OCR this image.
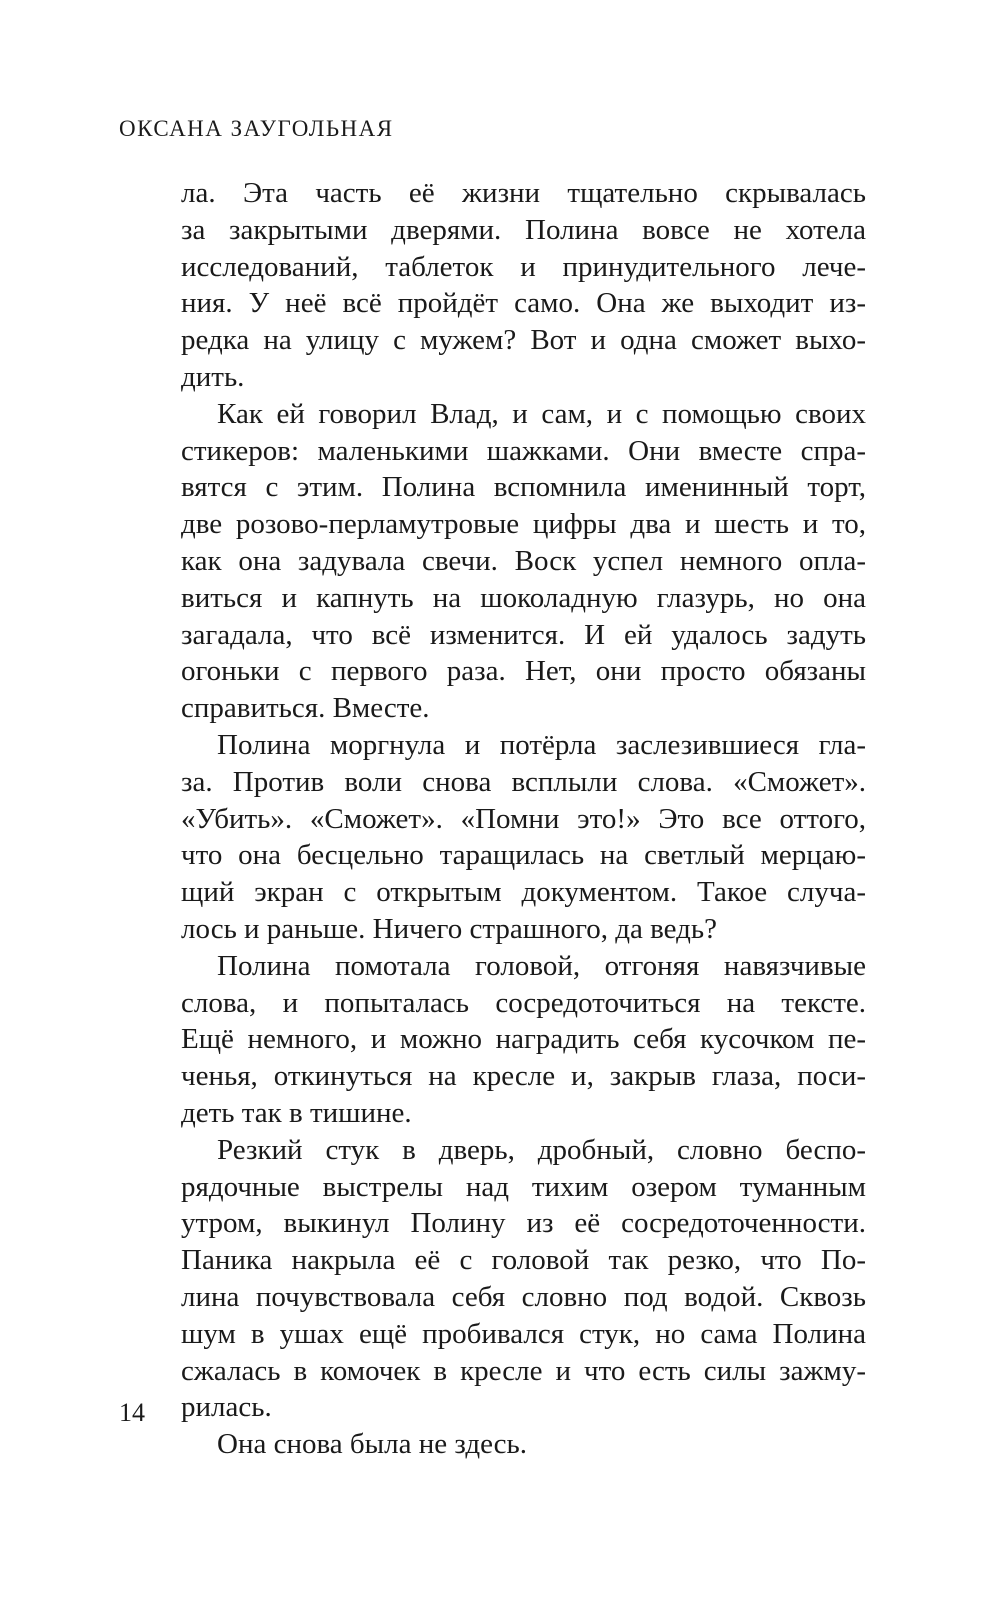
ОКСАНА ЗАУГОЛЬНАЯ
ла. Эта часть её жизни тщательно скрывалась
за закрытыми дверями. Полина вовсе не хотела
исследований, таблеток и принудительного лече-
ния. У неё всё пройдёт само. Она же выходит из-
редка на улицу с мужем? Вот и одна сможет выхо-
дить.
Как ей говорил Влад, и сам, и с помощью своих
стикеров: маленькими шажками. Они вместе спра-
вятся с этим. Полина вспомнила именинный торт,
две розово-перламутровые цифры два и шесть и то,
как она задувала свечи. Воск успел немного опла-
виться и капнуть на шоколадную глазурь, но она
загадала, что всё изменится. И ей удалось задуть
огоньки с первого раза. Нет, они просто обязаны
справиться. Вместе.
Полина моргнула и потёрла заслезившиеся гла-
за. Против воли снова всплыли слова. «Сможет».
«Убить». «Сможет». «Помни это!» Это все оттого,
что она бесцельно таращилась на светлый мерцаю-
щий экран с открытым документом. Такое случа-
лось и раньше. Ничего страшного, да ведь?
Полина помотала головой, отгоняя навязчивые
слова, и попыталась сосредоточиться на тексте.
Ещё немного, и можно наградить себя кусочком пе-
ченья, откинуться на кресле и, закрыв глаза, поси-
деть так в тишине.
Резкий стук в дверь, дробный, словно беспо-
рядочные выстрелы над тихим озером туманным
утром, выкинул Полину из её сосредоточенности.
Паника накрыла её с головой так резко, что По-
лина почувствовала себя словно под водой. Сквозь
шум в ушах ещё пробивался стук, но сама Полина
сжалась в комочек в кресле и что есть силы зажму-
рилась.
Она снова была не здесь.
14
